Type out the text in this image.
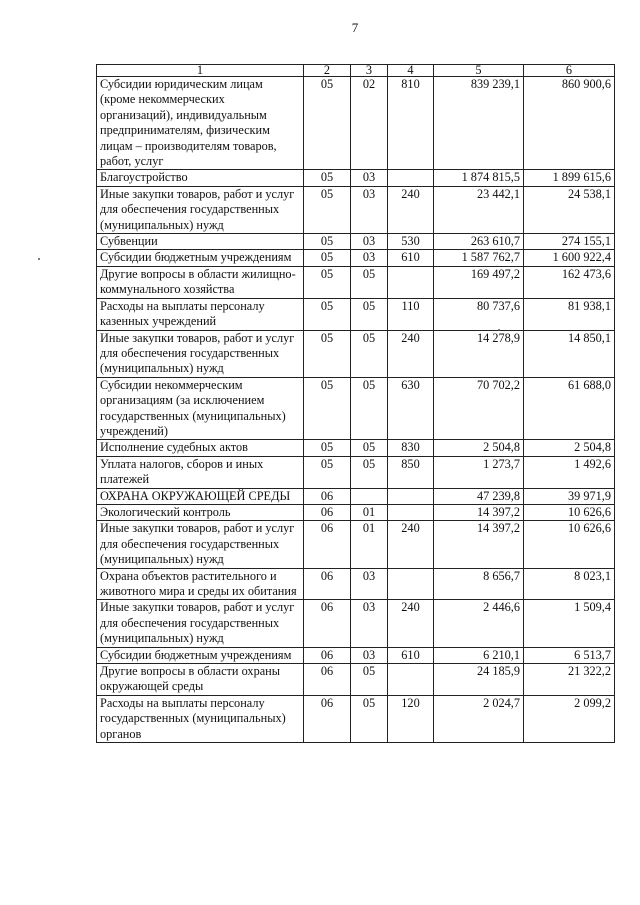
7
1	2	3	4	5	6
Субсидии юридическим лицам (кроме некоммерческих организаций), индивидуальным предпринимателям, физическим лицам – производителям товаров, работ, услуг	05	02	810	839 239,1	860 900,6
Благоустройство	05	03		1 874 815,5	1 899 615,6
Иные закупки товаров, работ и услуг для обеспечения государственных (муниципальных) нужд	05	03	240	23 442,1	24 538,1
Субвенции	05	03	530	263 610,7	274 155,1
Субсидии бюджетным учреждениям	05	03	610	1 587 762,7	1 600 922,4
Другие вопросы в области жилищно-коммунального хозяйства	05	05		169 497,2	162 473,6
Расходы на выплаты персоналу казенных учреждений	05	05	110	80 737,6	81 938,1
Иные закупки товаров, работ и услуг для обеспечения государственных (муниципальных) нужд	05	05	240	14 278,9	14 850,1
Субсидии некоммерческим организациям (за исключением государственных (муниципальных) учреждений)	05	05	630	70 702,2	61 688,0
Исполнение судебных актов	05	05	830	2 504,8	2 504,8
Уплата налогов, сборов и иных платежей	05	05	850	1 273,7	1 492,6
ОХРАНА ОКРУЖАЮЩЕЙ СРЕДЫ	06			47 239,8	39 971,9
Экологический контроль	06	01		14 397,2	10 626,6
Иные закупки товаров, работ и услуг для обеспечения государственных (муниципальных) нужд	06	01	240	14 397,2	10 626,6
Охрана объектов растительного и животного мира и среды их обитания	06	03		8 656,7	8 023,1
Иные закупки товаров, работ и услуг для обеспечения государственных (муниципальных) нужд	06	03	240	2 446,6	1 509,4
Субсидии бюджетным учреждениям	06	03	610	6 210,1	6 513,7
Другие вопросы в области охраны окружающей среды	06	05		24 185,9	21 322,2
Расходы на выплаты персоналу государственных (муниципальных) органов	06	05	120	2 024,7	2 099,2
